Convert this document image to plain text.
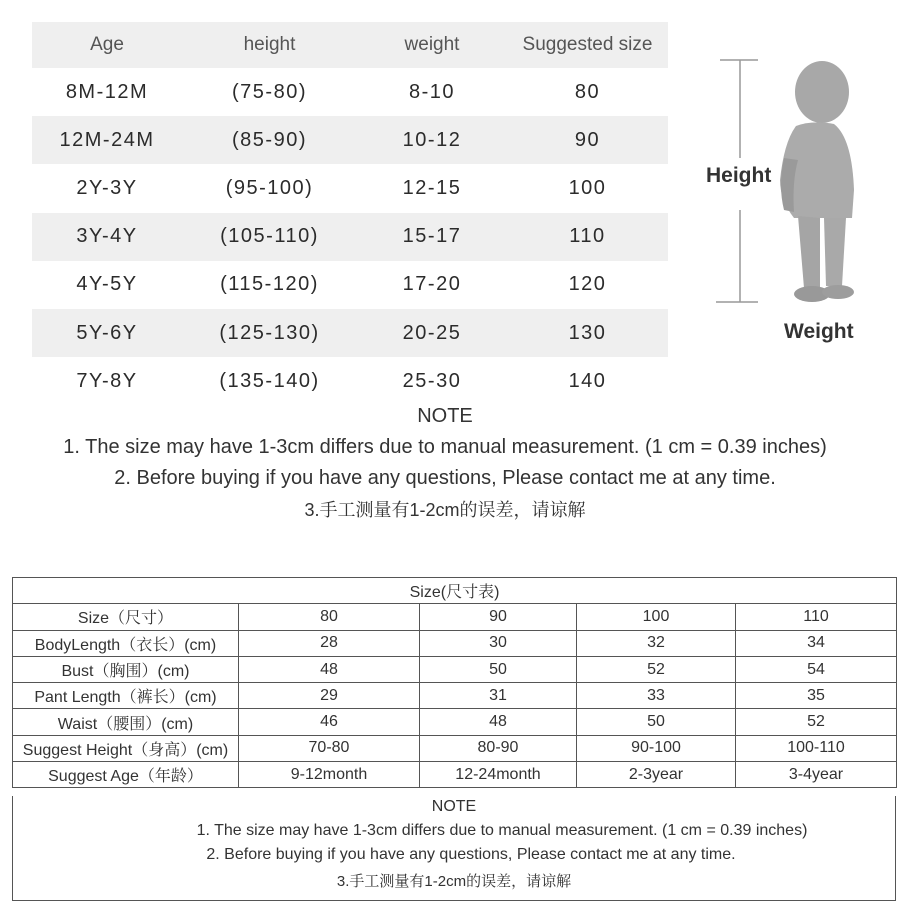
Age	height	weight	Suggested size
8M-12M	(75-80)	8-10	80
12M-24M	(85-90)	10-12	90
2Y-3Y	(95-100)	12-15	100
3Y-4Y	(105-110)	15-17	110
4Y-5Y	(115-120)	17-20	120
5Y-6Y	(125-130)	20-25	130
7Y-8Y	(135-140)	25-30	140
Height
Weight
NOTE
1. The size may have 1-3cm differs due to manual measurement. (1 cm = 0.39 inches)
2. Before buying if you have any questions, Please contact me at any time.
3.手工测量有1-2cm的误差，请谅解
Size(尺寸表)				
Size（尺寸）	80	90	100	110
BodyLength（衣长）(cm)	28	30	32	34
Bust（胸围）(cm)	48	50	52	54
Pant Length（裤长）(cm)	29	31	33	35
Waist（腰围）(cm)	46	48	50	52
Suggest Height（身高）(cm)	70-80	80-90	90-100	100-110
Suggest Age（年龄）	9-12month	12-24month	2-3year	3-4year
NOTE
1. The size may have 1-3cm differs due to manual measurement. (1 cm = 0.39 inches)
2. Before buying if you have any questions, Please contact me at any time.
3.手工测量有1-2cm的误差，请谅解
